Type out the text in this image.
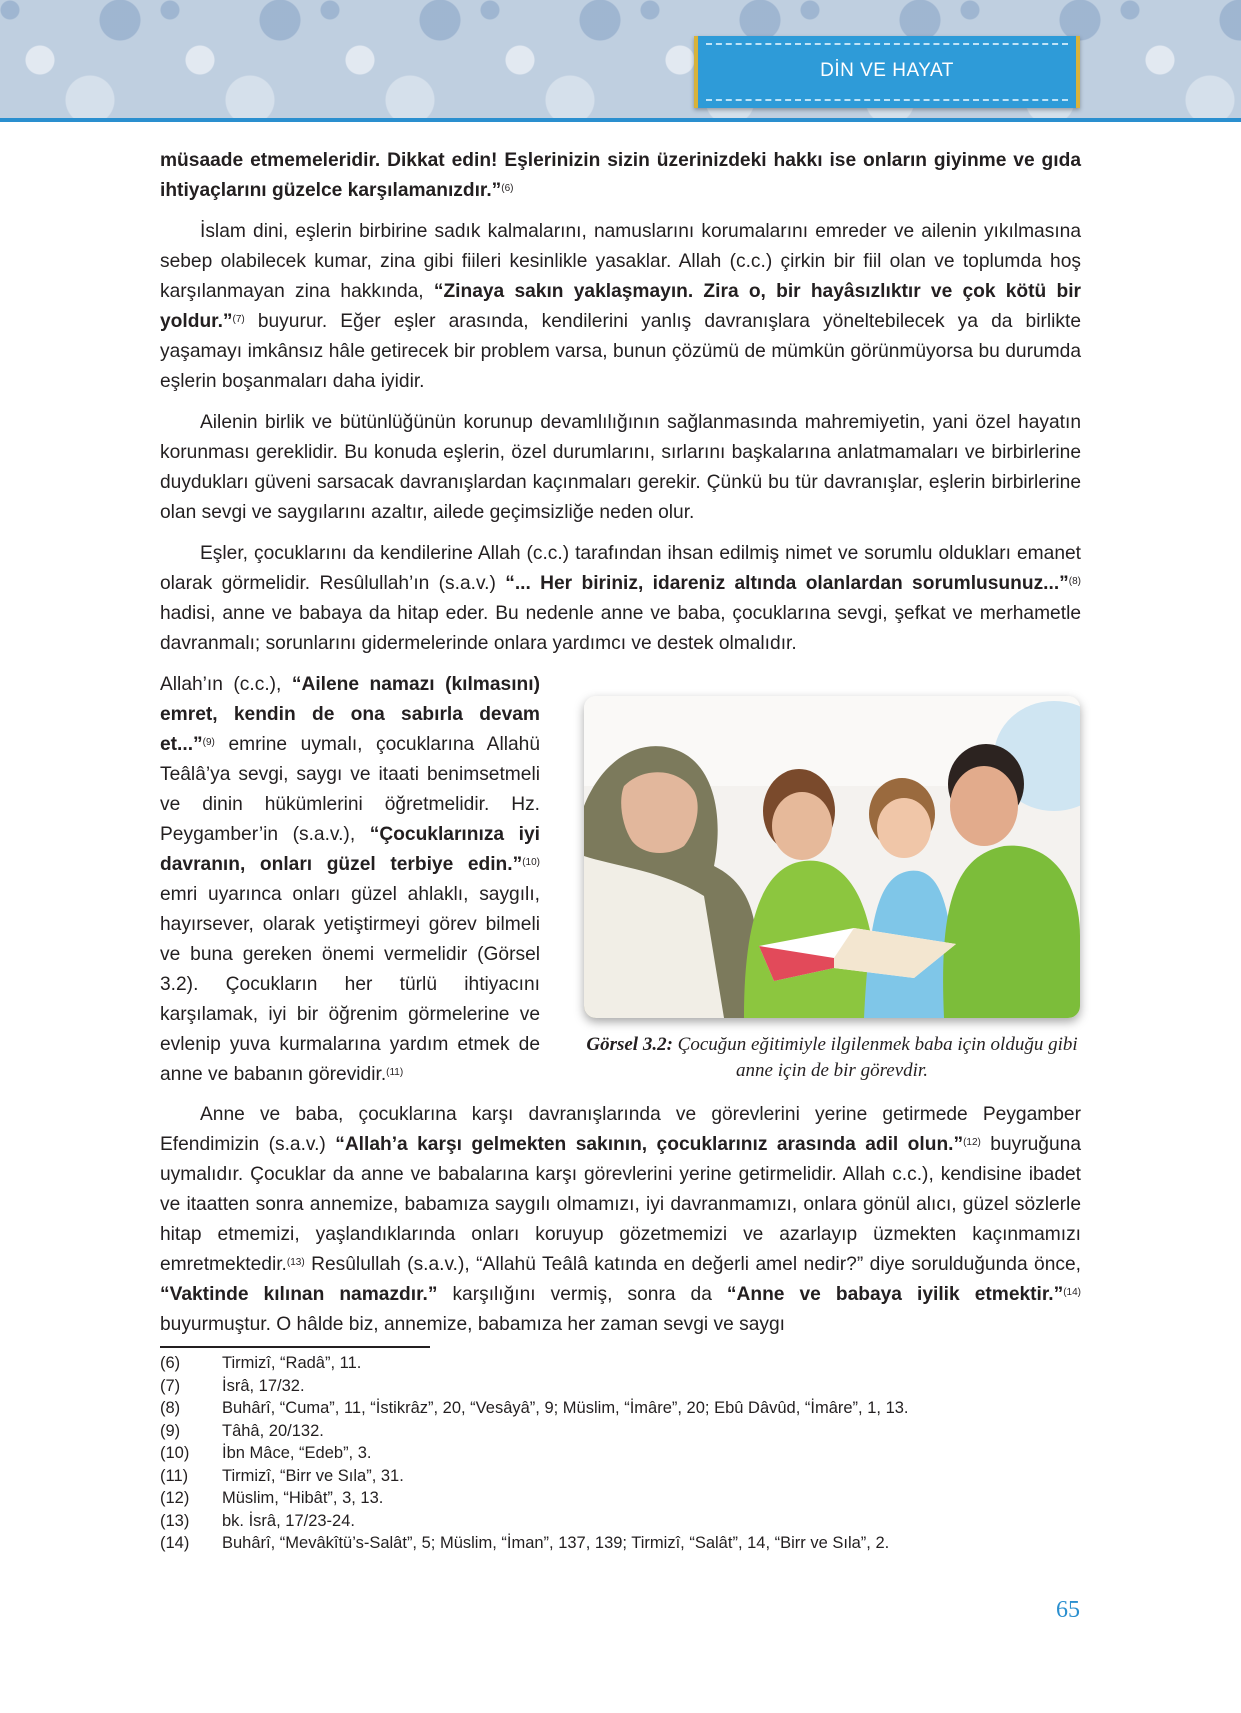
DİN VE HAYAT

müsaade etmemeleridir. Dikkat edin! Eşlerinizin sizin üzerinizdeki hakkı ise onların giyinme ve gıda ihtiyaçlarını güzelce karşılamanızdır.”$^{(6)}$

İslam dini, eşlerin birbirine sadık kalmalarını, namuslarını korumalarını emreder ve ailenin yıkılmasına sebep olabilecek kumar, zina gibi fiileri kesinlikle yasaklar. Allah (c.c.) çirkin bir fiil olan ve toplumda hoş karşılanmayan zina hakkında, “Zinaya sakın yaklaşmayın. Zira o, bir hayâsızlıktır ve çok kötü bir yoldur.”$^{(7)}$ buyurur. Eğer eşler arasında, kendilerini yanlış davranışlara yöneltebilecek ya da birlikte yaşamayı imkânsız hâle getirecek bir problem varsa, bunun çözümü de mümkün görünmüyorsa bu durumda eşlerin boşanmaları daha iyidir.

Ailenin birlik ve bütünlüğünün korunup devamlılığının sağlanmasında mahremiyetin, yani özel hayatın korunması gereklidir. Bu konuda eşlerin, özel durumlarını, sırlarını başkalarına anlatmamaları ve birbirlerine duydukları güveni sarsacak davranışlardan kaçınmaları gerekir. Çünkü bu tür davranışlar, eşlerin birbirlerine olan sevgi ve saygılarını azaltır, ailede geçimsizliğe neden olur.

Eşler, çocuklarını da kendilerine Allah (c.c.) tarafından ihsan edilmiş nimet ve sorumlu oldukları emanet olarak görmelidir. Resûlullah’ın (s.a.v.) “... Her biriniz, idareniz altında olanlardan sorumlusunuz...”$^{(8)}$ hadisi, anne ve babaya da hitap eder. Bu nedenle anne ve baba, çocuklarına sevgi, şefkat ve merhametle davranmalı; sorunlarını gidermelerinde onlara yardımcı ve destek olmalıdır.

Allah’ın (c.c.), “Ailene namazı (kılmasını) emret, kendin de ona sabırla devam et...”$^{(9)}$ emrine uymalı, çocuklarına Allahü Teâlâ’ya sevgi, saygı ve itaati benimsetmeli ve dinin hükümlerini öğretmelidir. Hz. Peygamber’in (s.a.v.), “Çocuklarınıza iyi davranın, onları güzel terbiye edin.”$^{(10)}$ emri uyarınca onları güzel ahlaklı, saygılı, hayırsever, olarak yetiştirmeyi görev bilmeli ve buna gereken önemi vermelidir (Görsel 3.2). Çocukların her türlü ihtiyacını karşılamak, iyi bir öğrenim görmelerine ve evlenip yuva kurmalarına yardım etmek de anne ve babanın görevidir.$^{(11)}$

Görsel 3.2: Çocuğun eğitimiyle ilgilenmek baba için olduğu gibi anne için de bir görevdir.

Anne ve baba, çocuklarına karşı davranışlarında ve görevlerini yerine getirmede Peygamber Efendimizin (s.a.v.) “Allah’a karşı gelmekten sakının, çocuklarınız arasında adil olun.”$^{(12)}$ buyruğuna uymalıdır. Çocuklar da anne ve babalarına karşı görevlerini yerine getirmelidir. Allah c.c.), kendisine ibadet ve itaatten sonra annemize, babamıza saygılı olmamızı, iyi davranmamızı, onlara gönül alıcı, güzel sözlerle hitap etmemizi, yaşlandıklarında onları koruyup gözetmemizi ve azarlayıp üzmekten kaçınmamızı emretmektedir.$^{(13)}$ Resûlullah (s.a.v.), “Allahü Teâlâ katında en değerli amel nedir?” diye sorulduğunda önce, “Vaktinde kılınan namazdır.” karşılığını vermiş, sonra da “Anne ve babaya iyilik etmektir.”$^{(14)}$ buyurmuştur. O hâlde biz, annemize, babamıza her zaman sevgi ve saygı

(6)	Tirmizî, “Radâ”, 11.
(7)	İsrâ, 17/32.
(8)	Buhârî, “Cuma”, 11, “İstikrâz”, 20, “Vesâyâ”, 9; Müslim, “İmâre”, 20; Ebû Dâvûd, “İmâre”, 1, 13.
(9)	Tâhâ, 20/132.
(10)	İbn Mâce, “Edeb”, 3.
(11)	Tirmizî, “Birr ve Sıla”, 31.
(12)	Müslim, “Hibât”, 3, 13.
(13)	bk. İsrâ, 17/23-24.
(14)	Buhârî, “Mevâkîtü’s-Salât”, 5; Müslim, “İman”, 137, 139; Tirmizî, “Salât”, 14, “Birr ve Sıla”, 2.
65
